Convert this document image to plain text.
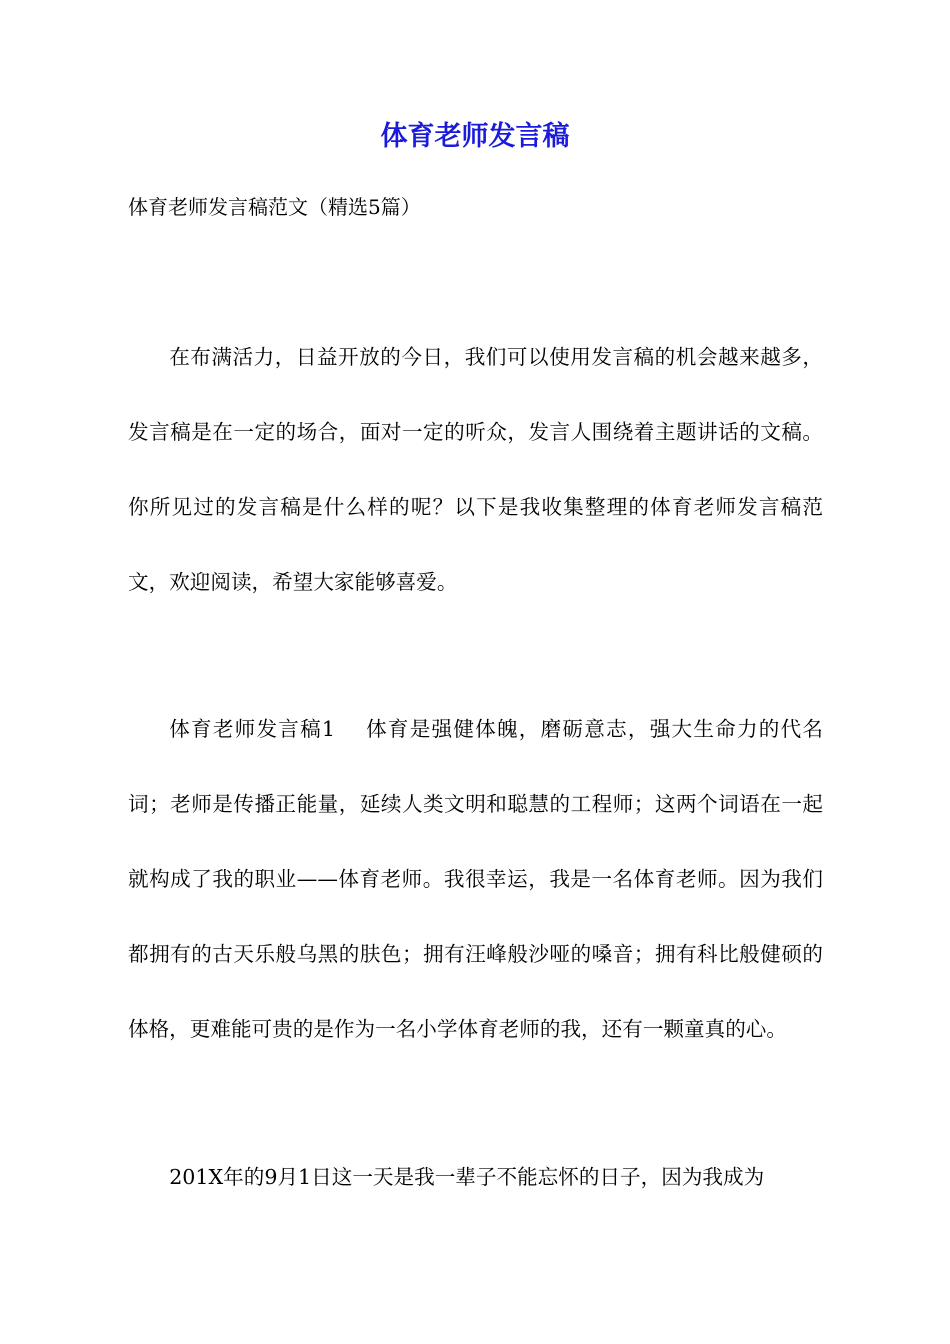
体育老师发言稿

体育老师发言稿范文（精选5篇）

在布满活力，日益开放的今日，我们可以使用发言稿的机会越来越多，发言稿是在一定的场合，面对一定的听众，发言人围绕着主题讲话的文稿。你所见过的发言稿是什么样的呢？以下是我收集整理的体育老师发言稿范文，欢迎阅读，希望大家能够喜爱。

体育老师发言稿1 体育是强健体魄，磨砺意志，强大生命力的代名词；老师是传播正能量，延续人类文明和聪慧的工程师；这两个词语在一起就构成了我的职业——体育老师。我很幸运，我是一名体育老师。因为我们都拥有的古天乐般乌黑的肤色；拥有汪峰般沙哑的嗓音；拥有科比般健硕的体格，更难能可贵的是作为一名小学体育老师的我，还有一颗童真的心。

201X年的9月1日这一天是我一辈子不能忘怀的日子，因为我成为
